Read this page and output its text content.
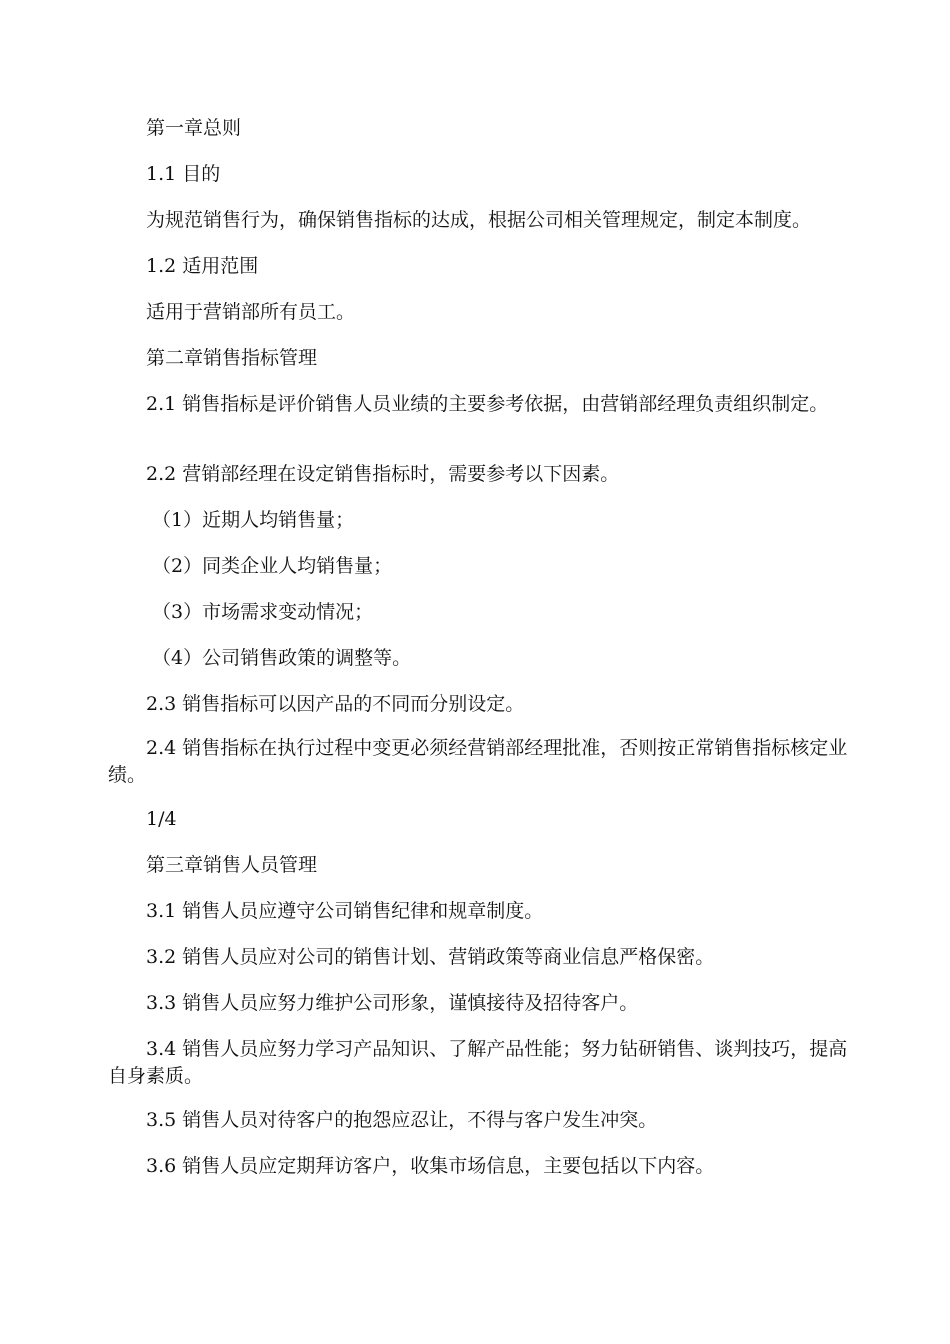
第一章总则
1.1 目的
为规范销售行为，确保销售指标的达成，根据公司相关管理规定，制定本制度。
1.2 适用范围
适用于营销部所有员工。
第二章销售指标管理
2.1 销售指标是评价销售人员业绩的主要参考依据，由营销部经理负责组织制定。
2.2 营销部经理在设定销售指标时，需要参考以下因素。
（1）近期人均销售量；
（2）同类企业人均销售量；
（3）市场需求变动情况；
（4）公司销售政策的调整等。
2.3 销售指标可以因产品的不同而分别设定。
2.4 销售指标在执行过程中变更必须经营销部经理批准，否则按正常销售指标核定业绩。
1/4
第三章销售人员管理
3.1 销售人员应遵守公司销售纪律和规章制度。
3.2 销售人员应对公司的销售计划、营销政策等商业信息严格保密。
3.3 销售人员应努力维护公司形象，谨慎接待及招待客户。
3.4 销售人员应努力学习产品知识、了解产品性能；努力钻研销售、谈判技巧，提高自身素质。
3.5 销售人员对待客户的抱怨应忍让，不得与客户发生冲突。
3.6 销售人员应定期拜访客户，收集市场信息，主要包括以下内容。
